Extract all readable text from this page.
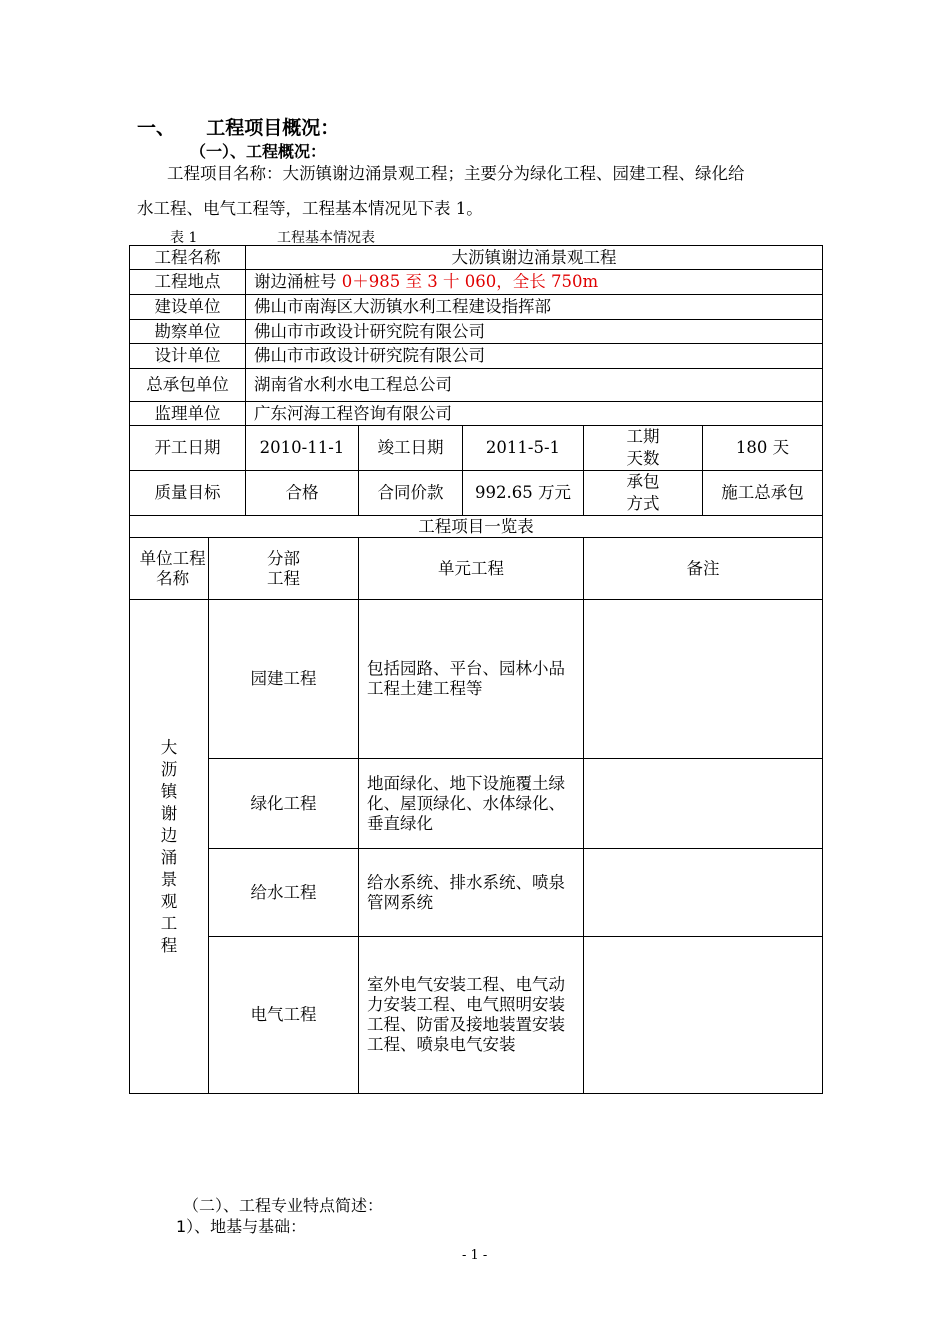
一、 工程项目概况：
（一）、工程概况：
工程项目名称：大沥镇谢边涌景观工程；主要分为绿化工程、园建工程、绿化给
水工程、电气工程等，工程基本情况见下表 1。
表 1	工程基本情况表
工程名称		大沥镇谢边涌景观工程				
工程地点		谢边涌桩号 0＋985 至 3 十 060，全长 750m				
建设单位		佛山市南海区大沥镇水利工程建设指挥部				
勘察单位		佛山市市政设计研究院有限公司				
设计单位		佛山市市政设计研究院有限公司				
总承包单位		湖南省水利水电工程总公司				
监理单位		广东河海工程咨询有限公司				
开工日期		2010-11-1	竣工日期	2011-5-1	工期天数	180 天
质量目标		合格	合同价款	992.65 万元	承包方式	施工总承包
工程项目一览表						

单位工程名称	分部工程		单元工程		备注	

大沥镇谢边涌景观工程	园建工程		包括园路、平台、园林小品工程土建工程等			
	绿化工程		地面绿化、地下设施覆土绿化、屋顶绿化、水体绿化、垂直绿化			
	给水工程		给水系统、排水系统、喷泉管网系统			
	电气工程		室外电气安装工程、电气动力安装工程、电气照明安装工程、防雷及接地装置安装工程、喷泉电气安装			
（二）、工程专业特点简述：
1）、地基与基础：
- 1 -
